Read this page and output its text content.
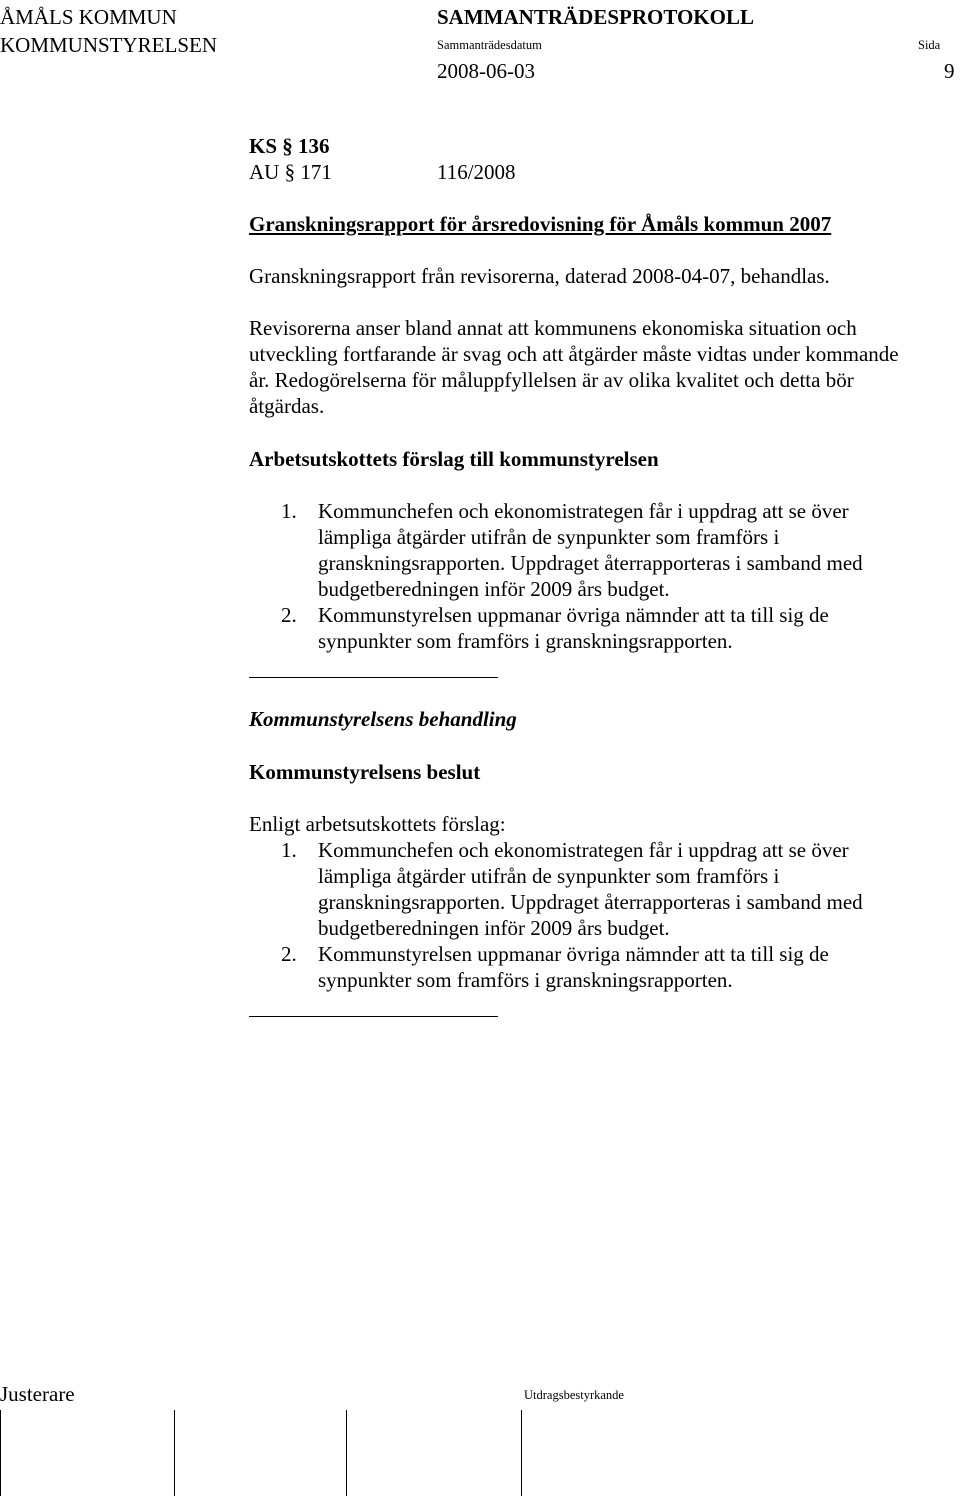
ÅMÅLS KOMMUN
KOMMUNSTYRELSEN
SAMMANTRÄDESPROTOKOLL
Sammanträdesdatum	Sida
2008-06-03	9
KS § 136
AU § 171	116/2008
Granskningsrapport för årsredovisning för Åmåls kommun 2007
Granskningsrapport från revisorerna, daterad 2008-04-07, behandlas.
Revisorerna anser bland annat att kommunens ekonomiska situation och utveckling fortfarande är svag och att åtgärder måste vidtas under kommande år. Redogörelserna för måluppfyllelsen är av olika kvalitet och detta bör åtgärdas.
Arbetsutskottets förslag till kommunstyrelsen
1. Kommunchefen och ekonomistrategen får i uppdrag att se över lämpliga åtgärder utifrån de synpunkter som framförs i granskningsrapporten. Uppdraget återrapporteras i samband med budgetberedningen inför 2009 års budget.
2. Kommunstyrelsen uppmanar övriga nämnder att ta till sig de synpunkter som framförs i granskningsrapporten.
Kommunstyrelsens behandling
Kommunstyrelsens beslut
Enligt arbetsutskottets förslag:
1. Kommunchefen och ekonomistrategen får i uppdrag att se över lämpliga åtgärder utifrån de synpunkter som framförs i granskningsrapporten. Uppdraget återrapporteras i samband med budgetberedningen inför 2009 års budget.
2. Kommunstyrelsen uppmanar övriga nämnder att ta till sig de synpunkter som framförs i granskningsrapporten.
Justerare	Utdragsbestyrkande
